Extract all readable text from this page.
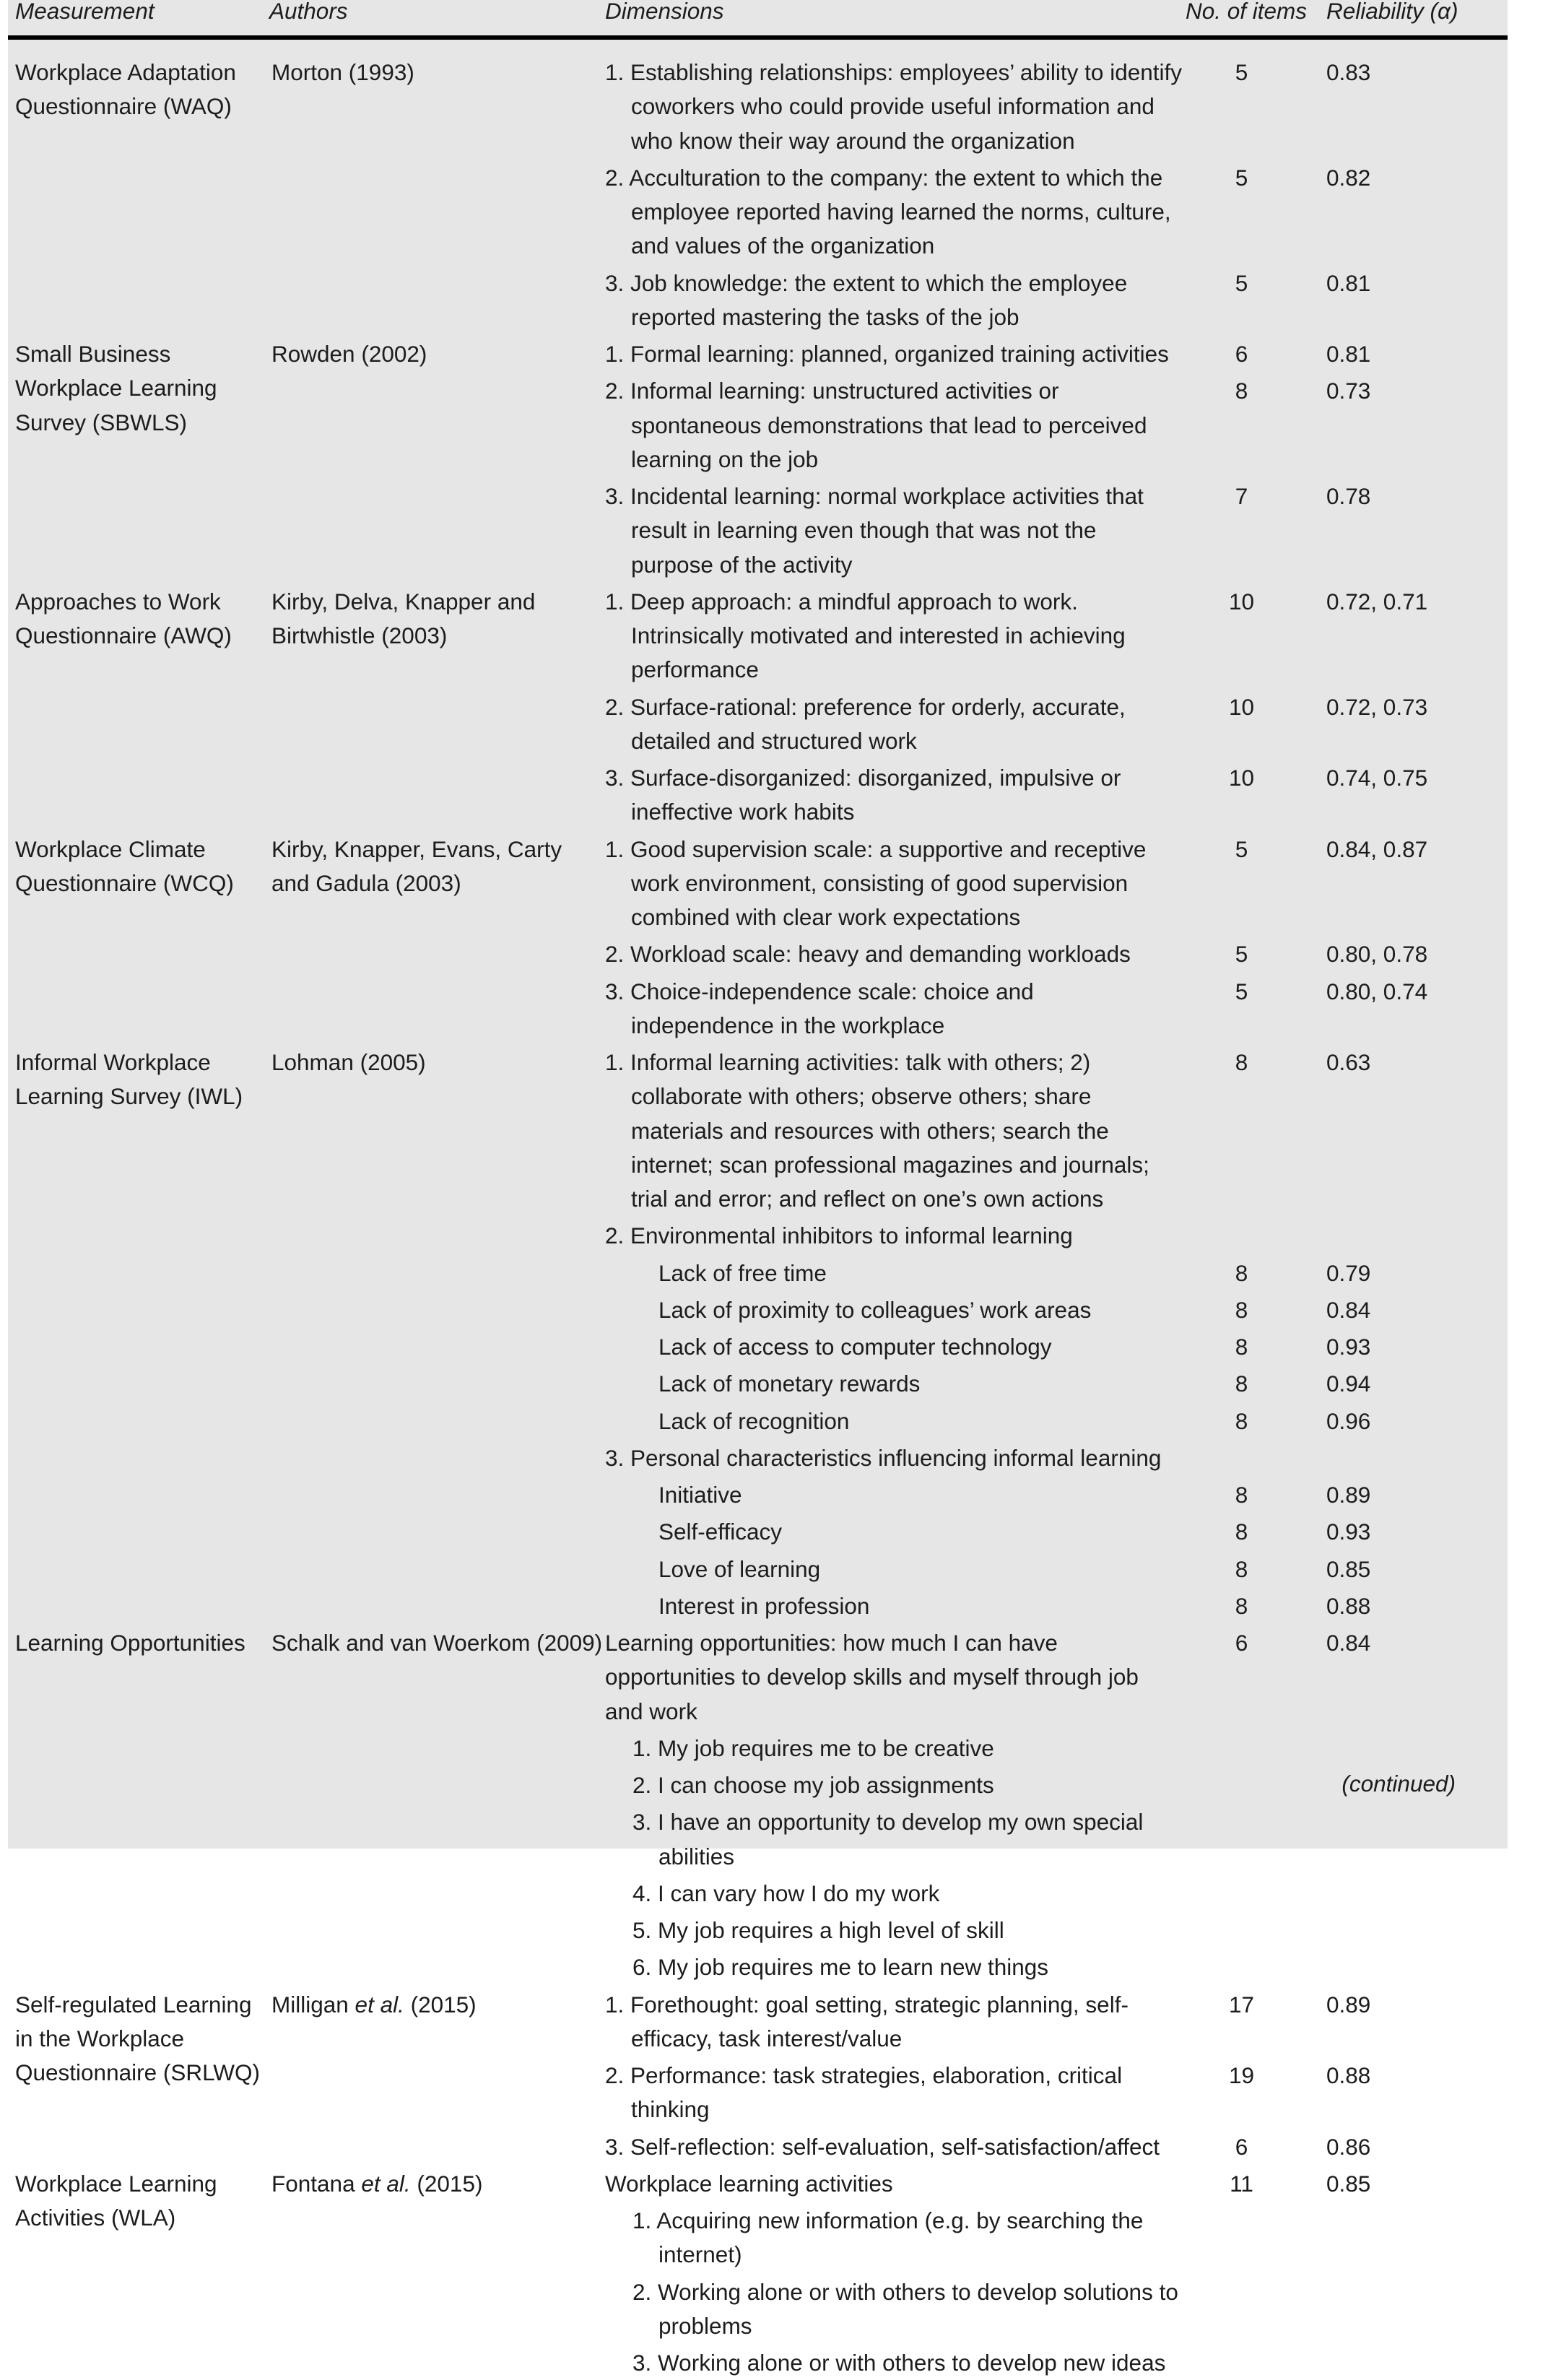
Measurement	Authors	Dimensions	No. of items	Reliability (α)

Workplace Adaptation Questionnaire (WAQ)	Morton (1993)	1. Establishing relationships: employees’ ability to identify coworkers who could provide useful information and who know their way around the organization	5	0.83

		2. Acculturation to the company: the extent to which the employee reported having learned the norms, culture, and values of the organization	5	0.82

		3. Job knowledge: the extent to which the employee reported mastering the tasks of the job	5	0.81
Small Business Workplace Learning Survey (SBWLS)	Rowden (2002)	1. Formal learning: planned, organized training activities	6	0.81

		2. Informal learning: unstructured activities or spontaneous demonstrations that lead to perceived learning on the job	8	0.73

		3. Incidental learning: normal workplace activities that result in learning even though that was not the purpose of the activity	7	0.78
Approaches to Work Questionnaire (AWQ)	Kirby, Delva, Knapper and Birtwhistle (2003)	1. Deep approach: a mindful approach to work. Intrinsically motivated and interested in achieving performance	10	0.72, 0.71

		2. Surface-rational: preference for orderly, accurate, detailed and structured work	10	0.72, 0.73

		3. Surface-disorganized: disorganized, impulsive or ineffective work habits	10	0.74, 0.75
Workplace Climate Questionnaire (WCQ)	Kirby, Knapper, Evans, Carty and Gadula (2003)	1. Good supervision scale: a supportive and receptive work environment, consisting of good supervision combined with clear work expectations	5	0.84, 0.87

		2. Workload scale: heavy and demanding workloads	5	0.80, 0.78

		3. Choice-independence scale: choice and independence in the workplace	5	0.80, 0.74
Informal Workplace Learning Survey (IWL)	Lohman (2005)	1. Informal learning activities: talk with others; 2) collaborate with others; observe others; share materials and resources with others; search the internet; scan professional magazines and journals; trial and error; and reflect on one’s own actions	8	0.63

		2. Environmental inhibitors to informal learning		

		Lack of free time	8	0.79

		Lack of proximity to colleagues’ work areas	8	0.84

		Lack of access to computer technology	8	0.93

		Lack of monetary rewards	8	0.94

		Lack of recognition	8	0.96

		3. Personal characteristics influencing informal learning		

		Initiative	8	0.89

		Self-efficacy	8	0.93

		Love of learning	8	0.85

		Interest in profession	8	0.88
Learning Opportunities	Schalk and van Woerkom (2009)	Learning opportunities: how much I can have opportunities to develop skills and myself through job and work	6	0.84

		1. My job requires me to be creative		

		2. I can choose my job assignments		

		3. I have an opportunity to develop my own special abilities		

		4. I can vary how I do my work		

		5. My job requires a high level of skill		

		6. My job requires me to learn new things		

Self-regulated Learning in the Workplace Questionnaire (SRLWQ)	Milligan et al. (2015)	1. Forethought: goal setting, strategic planning, self-efficacy, task interest/value	17	0.89

		2. Performance: task strategies, elaboration, critical thinking	19	0.88

		3. Self-reflection: self-evaluation, self-satisfaction/affect	6	0.86
Workplace Learning Activities (WLA)	Fontana et al. (2015)	Workplace learning activities	11	0.85

		1. Acquiring new information (e.g. by searching the internet)		

		2. Working alone or with others to develop solutions to problems		

		3. Working alone or with others to develop new ideas		

(continued)
